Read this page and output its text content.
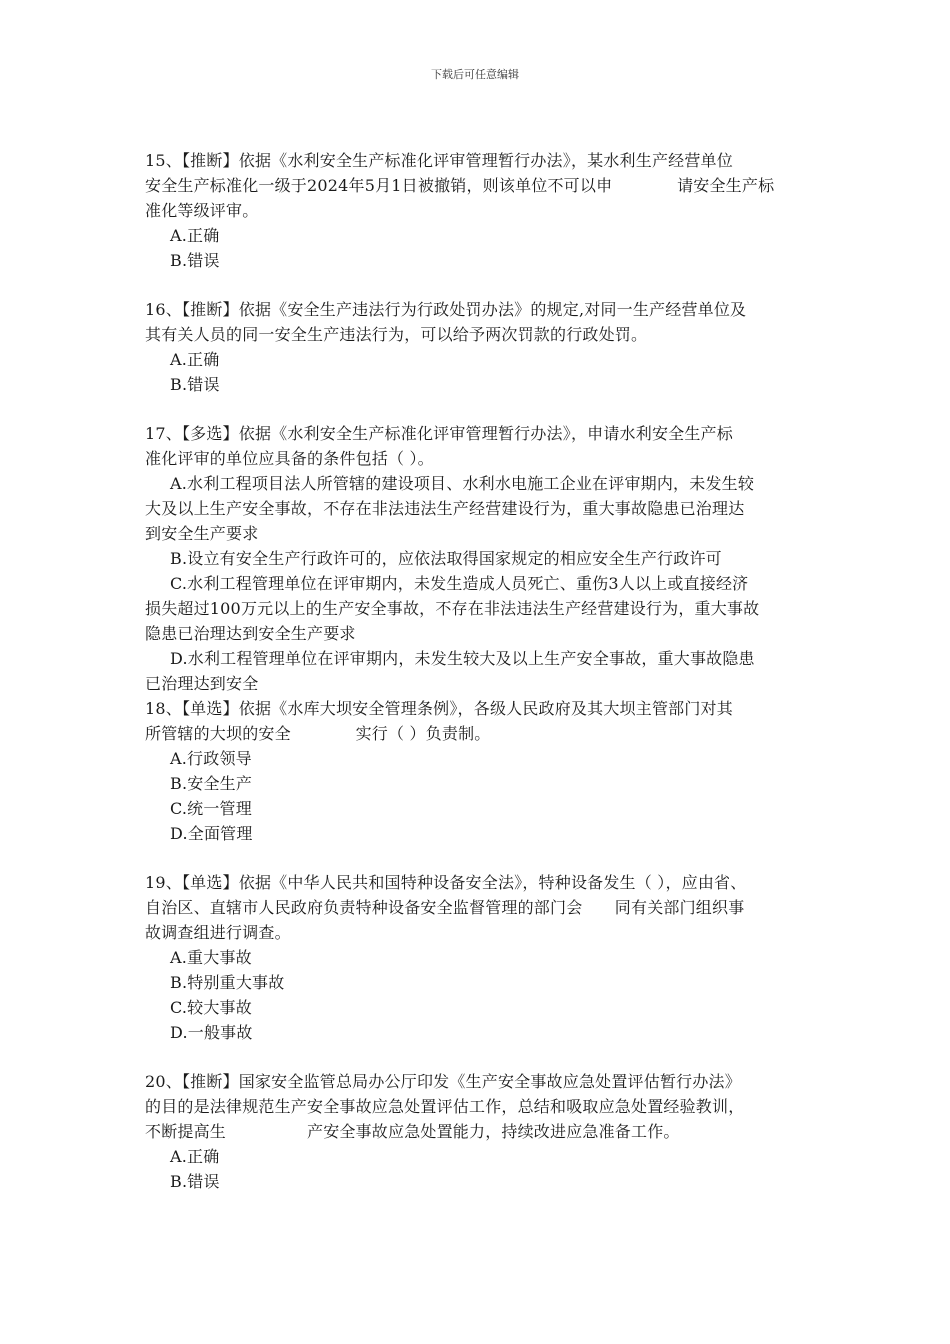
下载后可任意编辑
15、【推断】依据《水利安全生产标准化评审管理暂行办法》，某水利生产经营单位
安全生产标准化一级于2024年5月1日被撤销，则该单位不可以申　　　　请安全生产标
准化等级评审。
A.正确
B.错误
16、【推断】依据《安全生产违法行为行政处罚办法》的规定,对同一生产经营单位及
其有关人员的同一安全生产违法行为，可以给予两次罚款的行政处罚。
A.正确
B.错误
17、【多选】依据《水利安全生产标准化评审管理暂行办法》，申请水利安全生产标
准化评审的单位应具备的条件包括（ ）。
A.水利工程项目法人所管辖的建设项目、水利水电施工企业在评审期内，未发生较
大及以上生产安全事故，不存在非法违法生产经营建设行为，重大事故隐患已治理达
到安全生产要求
B.设立有安全生产行政许可的，应依法取得国家规定的相应安全生产行政许可
C.水利工程管理单位在评审期内，未发生造成人员死亡、重伤3人以上或直接经济
损失超过100万元以上的生产安全事故，不存在非法违法生产经营建设行为，重大事故
隐患已治理达到安全生产要求
D.水利工程管理单位在评审期内，未发生较大及以上生产安全事故，重大事故隐患
已治理达到安全
18、【单选】依据《水库大坝安全管理条例》，各级人民政府及其大坝主管部门对其
所管辖的大坝的安全　　　　实行（ ）负责制。
A.行政领导
B.安全生产
C.统一管理
D.全面管理
19、【单选】依据《中华人民共和国特种设备安全法》，特种设备发生（ ），应由省、
自治区、直辖市人民政府负责特种设备安全监督管理的部门会　　同有关部门组织事
故调查组进行调查。
A.重大事故
B.特别重大事故
C.较大事故
D.一般事故
20、【推断】国家安全监管总局办公厅印发《生产安全事故应急处置评估暂行办法》
的目的是法律规范生产安全事故应急处置评估工作，总结和吸取应急处置经验教训，
不断提高生　　　　　产安全事故应急处置能力，持续改进应急准备工作。
A.正确
B.错误
